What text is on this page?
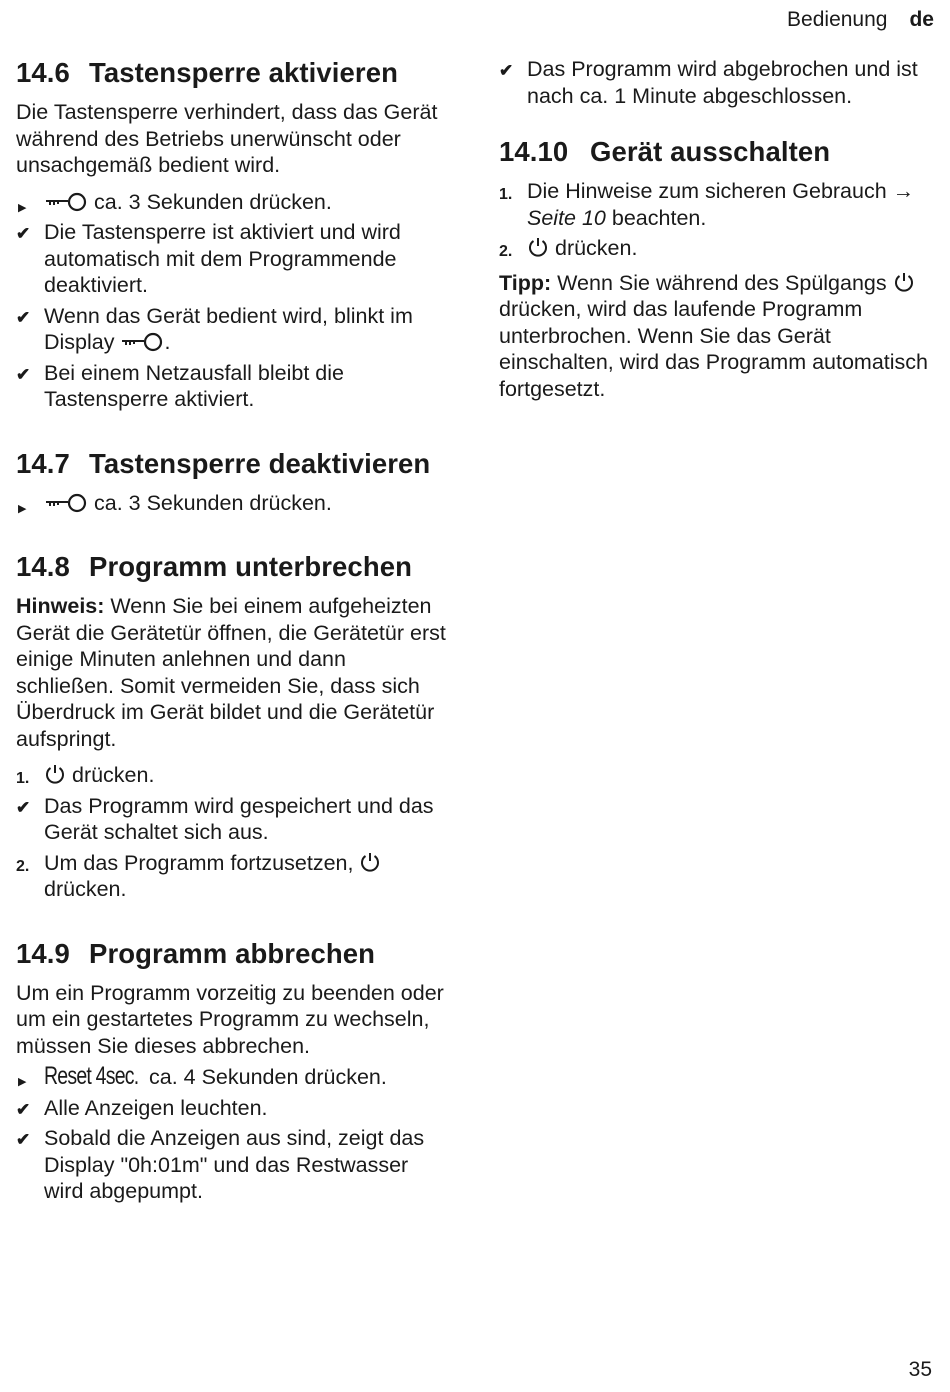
Bedienung de
14.6 Tastensperre aktivieren

Die Tastensperre verhindert, dass das Gerät während des Betriebs unerwünscht oder unsachgemäß bedient wird.

▶	ca. 3 Sekunden drücken.
✔ Die Tastensperre ist aktiviert und wird automatisch mit dem Programmende deaktiviert.
✔ Wenn das Gerät bedient wird, blinkt im Display .
✔ Bei einem Netzausfall bleibt die Tastensperre aktiviert.
14.7 Tastensperre deaktivieren
▶	ca. 3 Sekunden drücken.
14.8 Programm unterbrechen

Hinweis: Wenn Sie bei einem aufgeheizten Gerät die Gerätetür öffnen, die Gerätetür erst einige Minuten anlehnen und dann schließen. Somit vermeiden Sie, dass sich Überdruck im Gerät bildet und die Gerätetür aufspringt.

1.	drücken.
✔ Das Programm wird gespeichert und das Gerät schaltet sich aus.
2. Um das Programm fortzusetzen,  drücken.
14.9 Programm abbrechen

Um ein Programm vorzeitig zu beenden oder um ein gestartetes Programm zu wechseln, müssen Sie dieses abbrechen.

▶ Reset 4sec. ca. 4 Sekunden drücken.
✔ Alle Anzeigen leuchten.
✔ Sobald die Anzeigen aus sind, zeigt das Display "0h:01m" und das Restwasser wird abgepumpt.
✔ Das Programm wird abgebrochen und ist nach ca. 1 Minute abgeschlossen.
14.10 Gerät ausschalten
1. Die Hinweise zum sicheren Gebrauch → Seite 10 beachten.
2.	drücken.

Tipp: Wenn Sie während des Spülgangs  drücken, wird das laufende Programm unterbrochen. Wenn Sie das Gerät einschalten, wird das Programm automatisch fortgesetzt.

35
